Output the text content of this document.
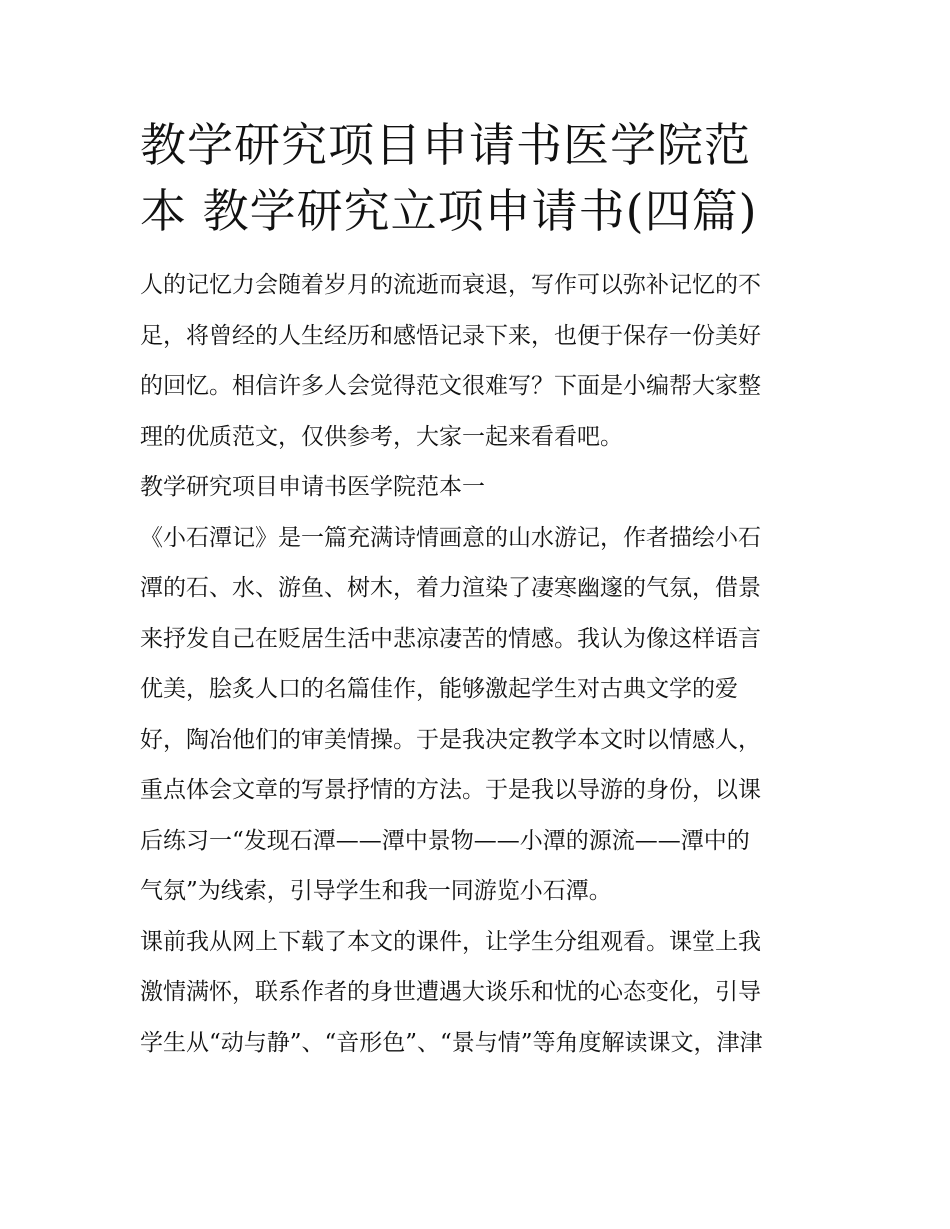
教学研究项目申请书医学院范

本 教学研究立项申请书(四篇)

人的记忆力会随着岁月的流逝而衰退，写作可以弥补记忆的不

足，将曾经的人生经历和感悟记录下来，也便于保存一份美好

的回忆。相信许多人会觉得范文很难写？下面是小编帮大家整

理的优质范文，仅供参考，大家一起来看看吧。

教学研究项目申请书医学院范本一

《小石潭记》是一篇充满诗情画意的山水游记，作者描绘小石

潭的石、水、游鱼、树木，着力渲染了凄寒幽邃的气氛，借景

来抒发自己在贬居生活中悲凉凄苦的情感。我认为像这样语言

优美，脍炙人口的名篇佳作，能够激起学生对古典文学的爱

好，陶冶他们的审美情操。于是我决定教学本文时以情感人，

重点体会文章的写景抒情的方法。于是我以导游的身份，以课

后练习一“发现石潭——潭中景物——小潭的源流——潭中的

气氛”为线索，引导学生和我一同游览小石潭。

课前我从网上下载了本文的课件，让学生分组观看。课堂上我

激情满怀，联系作者的身世遭遇大谈乐和忧的心态变化，引导

学生从“动与静”、“音形色”、“景与情”等角度解读课文，津津
